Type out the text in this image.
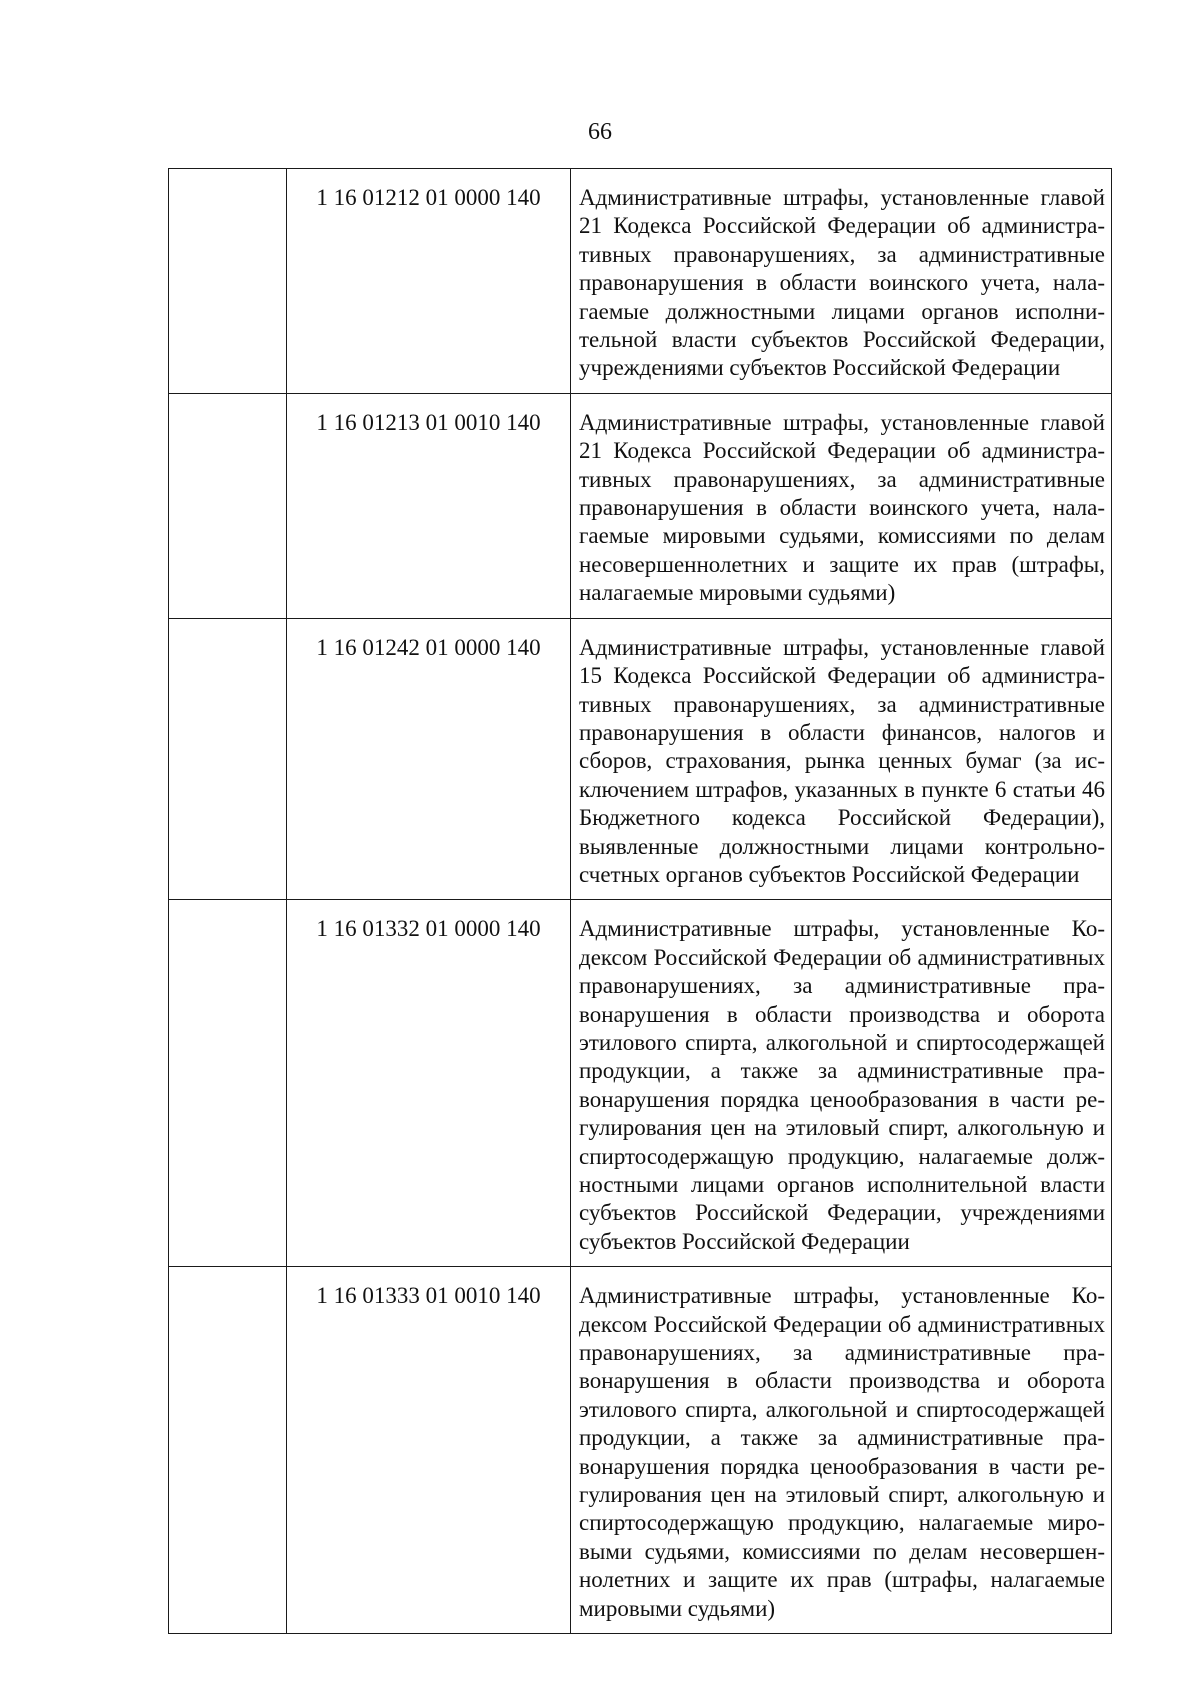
66
	1 16 01212 01 0000 140	Административные штрафы, установленные главой 21 Кодекса Российской Федерации об административных правонарушениях, за административные правонарушения в области воинского учета, налагаемые должностными лицами органов исполнительной власти субъектов Российской Федерации, учреждениями субъектов Российской Федерации
	1 16 01213 01 0010 140	Административные штрафы, установленные главой 21 Кодекса Российской Федерации об административных правонарушениях, за административные правонарушения в области воинского учета, налагаемые мировыми судьями, комиссиями по делам несовершеннолетних и защите их прав (штрафы, налагаемые мировыми судьями)
	1 16 01242 01 0000 140	Административные штрафы, установленные главой 15 Кодекса Российской Федерации об административных правонарушениях, за административные правонарушения в области финансов, налогов и сборов, страхования, рынка ценных бумаг (за исключением штрафов, указанных в пункте 6 статьи 46 Бюджетного кодекса Российской Федерации), выявленные должностными лицами контрольно-счетных органов субъектов Российской Федерации
	1 16 01332 01 0000 140	Административные штрафы, установленные Кодексом Российской Федерации об административных правонарушениях, за административные правонарушения в области производства и оборота этилового спирта, алкогольной и спиртосодержащей продукции, а также за административные правонарушения порядка ценообразования в части регулирования цен на этиловый спирт, алкогольную и спиртосодержащую продукцию, налагаемые должностными лицами органов исполнительной власти субъектов Российской Федерации, учреждениями субъектов Российской Федерации
	1 16 01333 01 0010 140	Административные штрафы, установленные Кодексом Российской Федерации об административных правонарушениях, за административные правонарушения в области производства и оборота этилового спирта, алкогольной и спиртосодержащей продукции, а также за административные правонарушения порядка ценообразования в части регулирования цен на этиловый спирт, алкогольную и спиртосодержащую продукцию, налагаемые мировыми судьями, комиссиями по делам несовершеннолетних и защите их прав (штрафы, налагаемые мировыми судьями)
